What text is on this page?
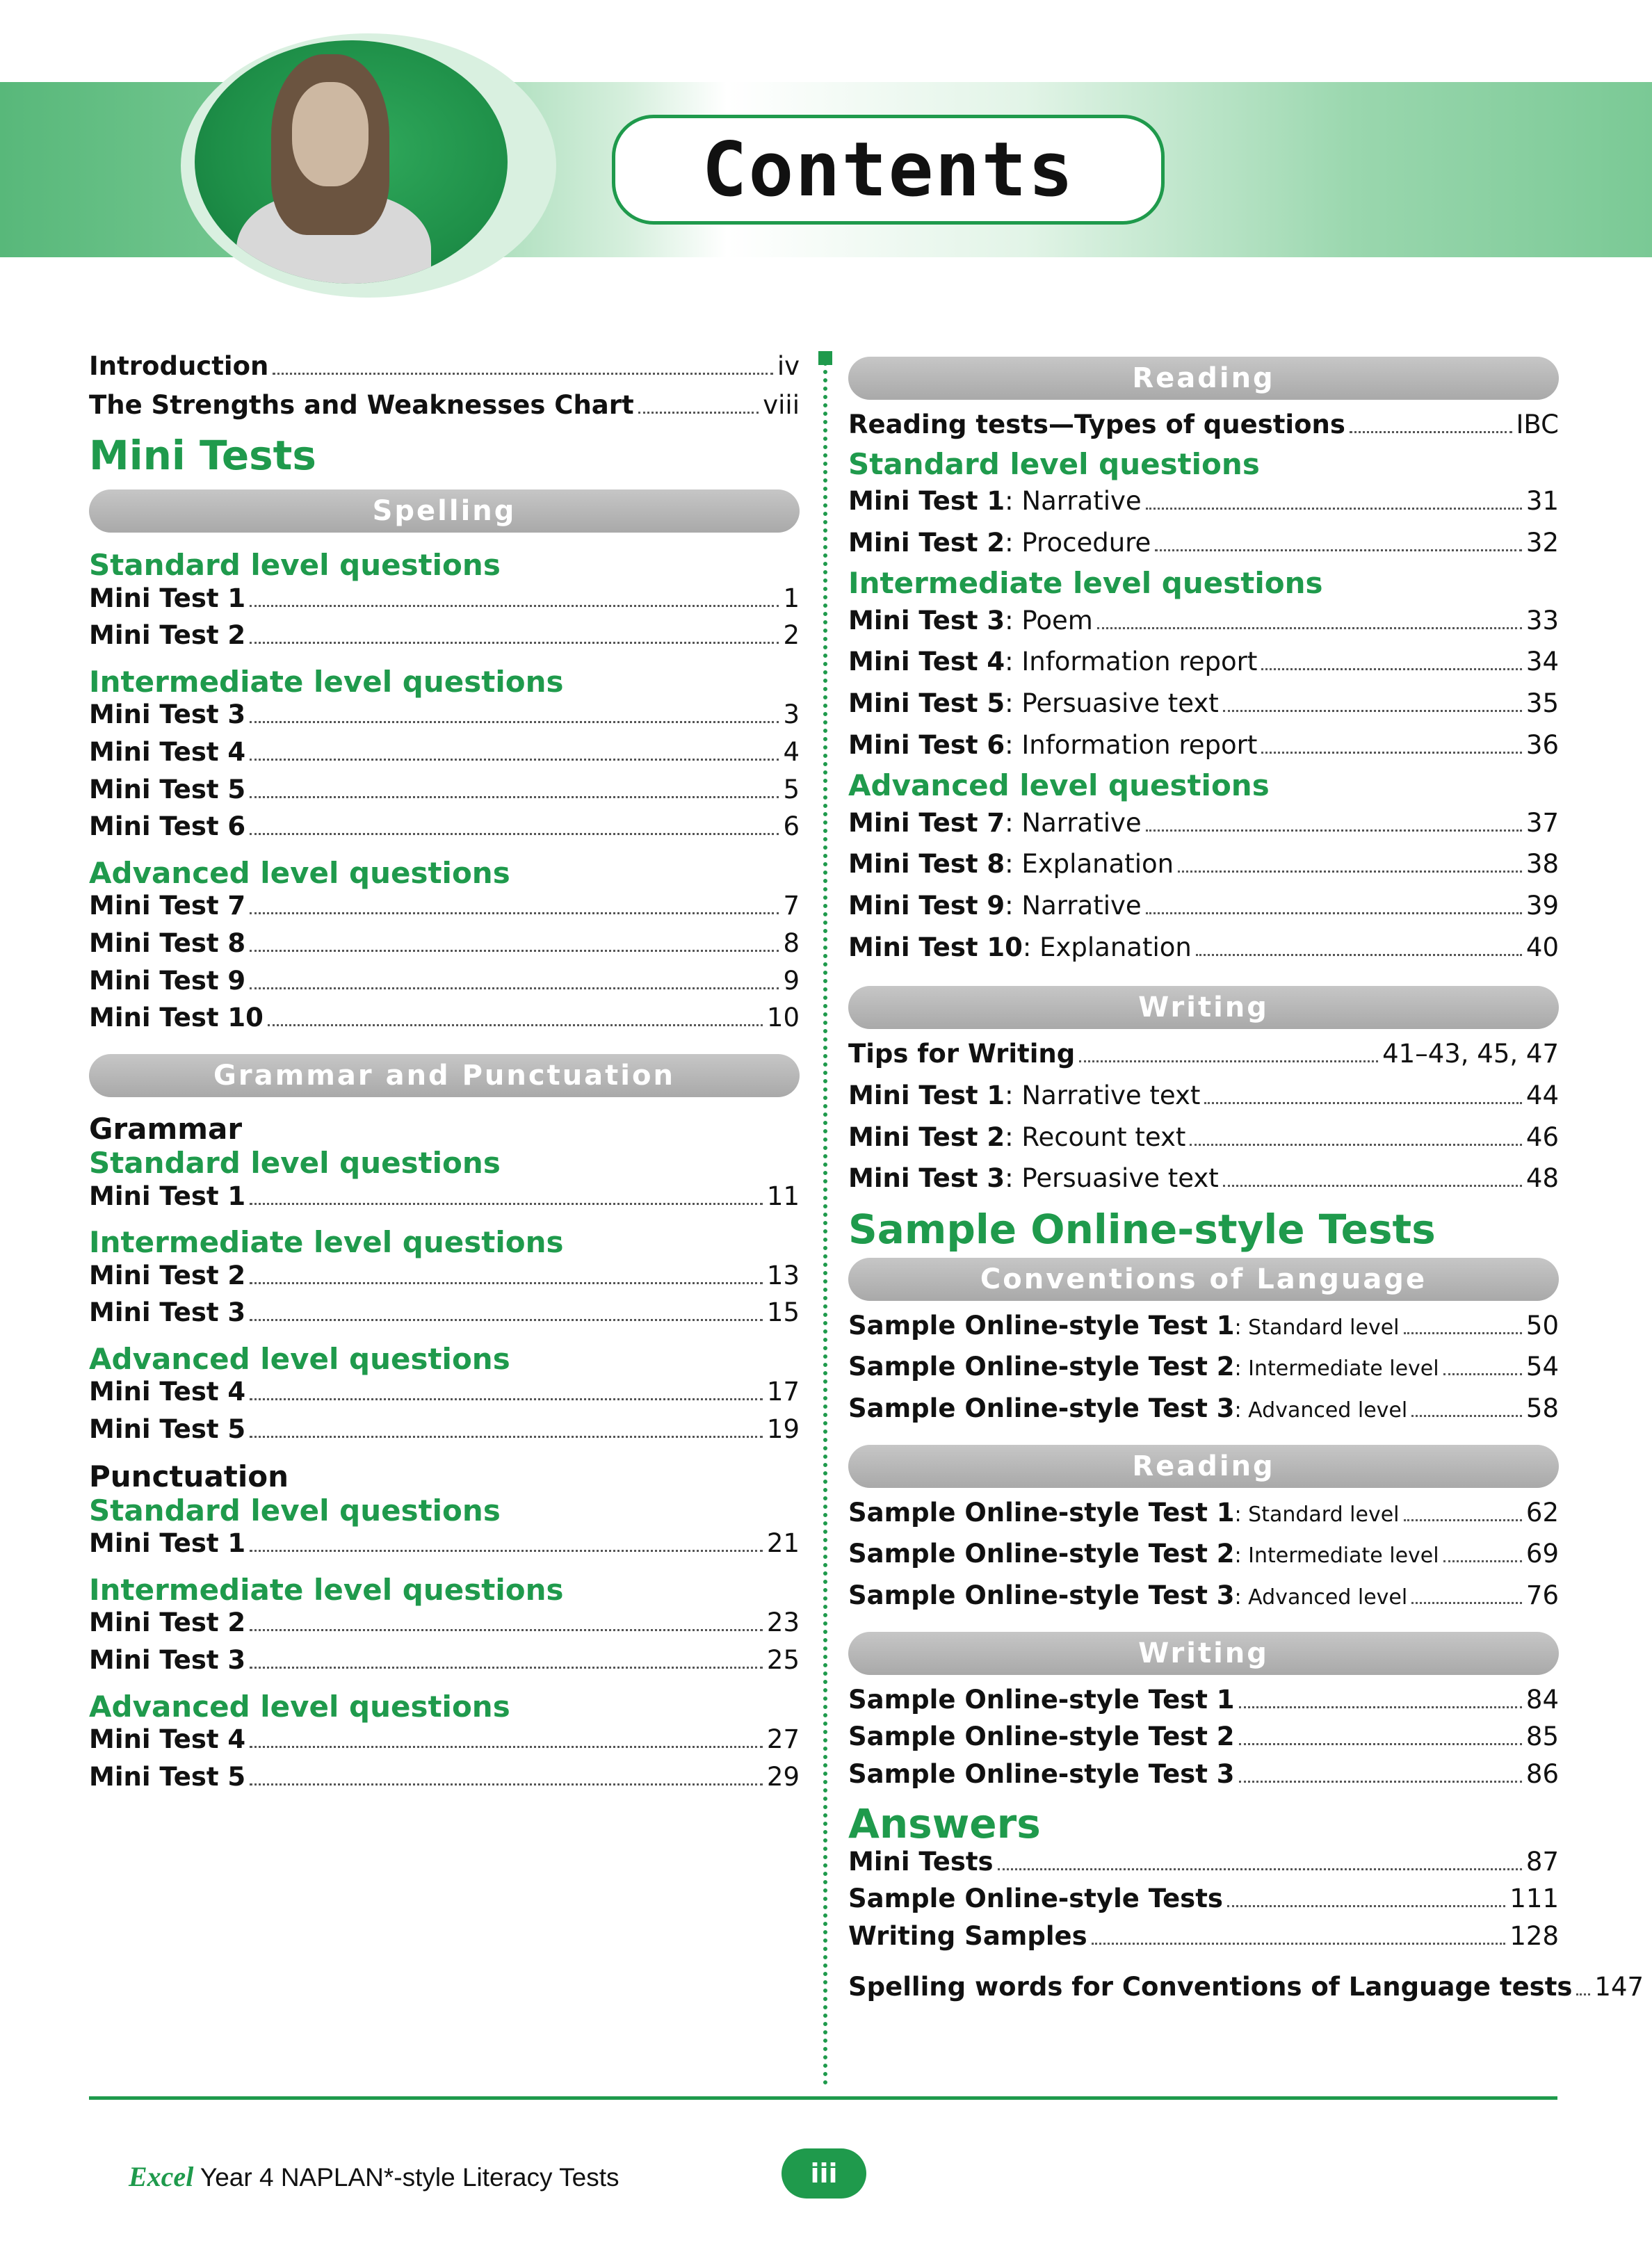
Contents
Introduction	iv
The Strengths and Weaknesses Chart	viii
Mini Tests
Spelling
Standard level questions
Mini Test 1	1
Mini Test 2	2
Intermediate level questions
Mini Test 3	3
Mini Test 4	4
Mini Test 5	5
Mini Test 6	6
Advanced level questions
Mini Test 7	7
Mini Test 8	8
Mini Test 9	9
Mini Test 10	10
Grammar and Punctuation
Grammar
Standard level questions
Mini Test 1	11
Intermediate level questions
Mini Test 2	13
Mini Test 3	15
Advanced level questions
Mini Test 4	17
Mini Test 5	19
Punctuation
Standard level questions
Mini Test 1	21
Intermediate level questions
Mini Test 2	23
Mini Test 3	25
Advanced level questions
Mini Test 4	27
Mini Test 5	29
Reading
Reading tests—Types of questions	IBC
Standard level questions
Mini Test 1: Narrative	31
Mini Test 2: Procedure	32
Intermediate level questions
Mini Test 3: Poem	33
Mini Test 4: Information report	34
Mini Test 5: Persuasive text	35
Mini Test 6: Information report	36
Advanced level questions
Mini Test 7: Narrative	37
Mini Test 8: Explanation	38
Mini Test 9: Narrative	39
Mini Test 10: Explanation	40
Writing
Tips for Writing	41–43, 45, 47
Mini Test 1: Narrative text	44
Mini Test 2: Recount text	46
Mini Test 3: Persuasive text	48
Sample Online-style Tests
Conventions of Language
Sample Online-style Test 1: Standard level	50
Sample Online-style Test 2: Intermediate level	54
Sample Online-style Test 3: Advanced level	58
Reading
Sample Online-style Test 1: Standard level	62
Sample Online-style Test 2: Intermediate level	69
Sample Online-style Test 3: Advanced level	76
Writing
Sample Online-style Test 1	84
Sample Online-style Test 2	85
Sample Online-style Test 3	86
Answers
Mini Tests	87
Sample Online-style Tests	111
Writing Samples	128
Spelling words for Conventions of Language tests 147
Excel Year 4 NAPLAN*-style Literacy Tests	iii
